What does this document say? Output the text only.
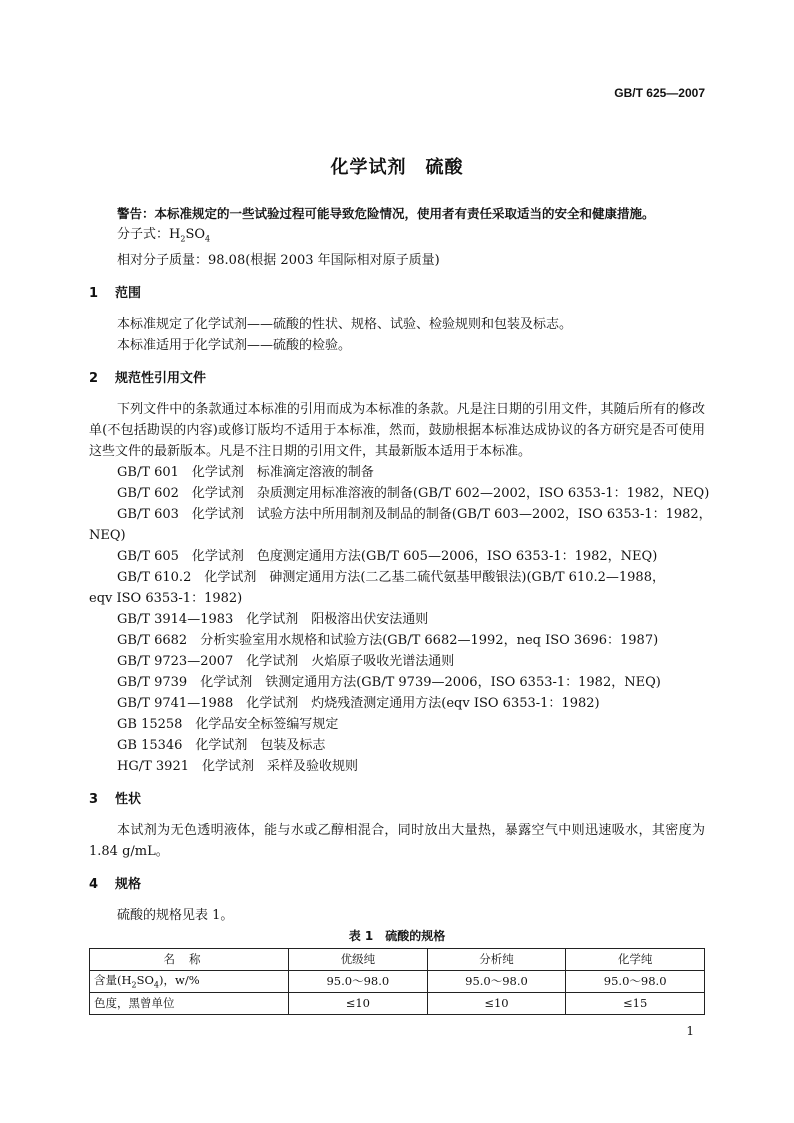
GB/T 625—2007
化学试剂　硫酸
警告：本标准规定的一些试验过程可能导致危险情况，使用者有责任采取适当的安全和健康措施。
分子式：$H_2SO_4$
相对分子质量：98.08(根据 2003 年国际相对原子质量)
1 范围
本标准规定了化学试剂——硫酸的性状、规格、试验、检验规则和包装及标志。
本标准适用于化学试剂——硫酸的检验。
2 规范性引用文件
下列文件中的条款通过本标准的引用而成为本标准的条款。凡是注日期的引用文件，其随后所有的修改单(不包括勘误的内容)或修订版均不适用于本标准，然而，鼓励根据本标准达成协议的各方研究是否可使用这些文件的最新版本。凡是不注日期的引用文件，其最新版本适用于本标准。
GB/T 601　化学试剂　标准滴定溶液的制备
GB/T 602　化学试剂　杂质测定用标准溶液的制备(GB/T 602—2002，ISO 6353-1：1982，NEQ)
GB/T 603　化学试剂　试验方法中所用制剂及制品的制备(GB/T 603—2002，ISO 6353-1：1982，
NEQ)
GB/T 605　化学试剂　色度测定通用方法(GB/T 605—2006，ISO 6353-1：1982，NEQ)
GB/T 610.2　化学试剂　砷测定通用方法(二乙基二硫代氨基甲酸银法)(GB/T 610.2—1988，
eqv ISO 6353-1：1982)
GB/T 3914—1983　化学试剂　阳极溶出伏安法通则
GB/T 6682　分析实验室用水规格和试验方法(GB/T 6682—1992，neq ISO 3696：1987)
GB/T 9723—2007　化学试剂　火焰原子吸收光谱法通则
GB/T 9739　化学试剂　铁测定通用方法(GB/T 9739—2006，ISO 6353-1：1982，NEQ)
GB/T 9741—1988　化学试剂　灼烧残渣测定通用方法(eqv ISO 6353-1：1982)
GB 15258　化学品安全标签编写规定
GB 15346　化学试剂　包装及标志
HG/T 3921　化学试剂　采样及验收规则
3 性状
本试剂为无色透明液体，能与水或乙醇相混合，同时放出大量热，暴露空气中则迅速吸水，其密度为1.84 g/mL。
4 规格
硫酸的规格见表 1。
表 1　硫酸的规格
名称	优级纯	分析纯	化学纯
含量$(H_2SO_4)$，w/%	95.0～98.0	95.0～98.0	95.0～98.0
色度，黑曾单位	≤10	≤10	≤15
1
